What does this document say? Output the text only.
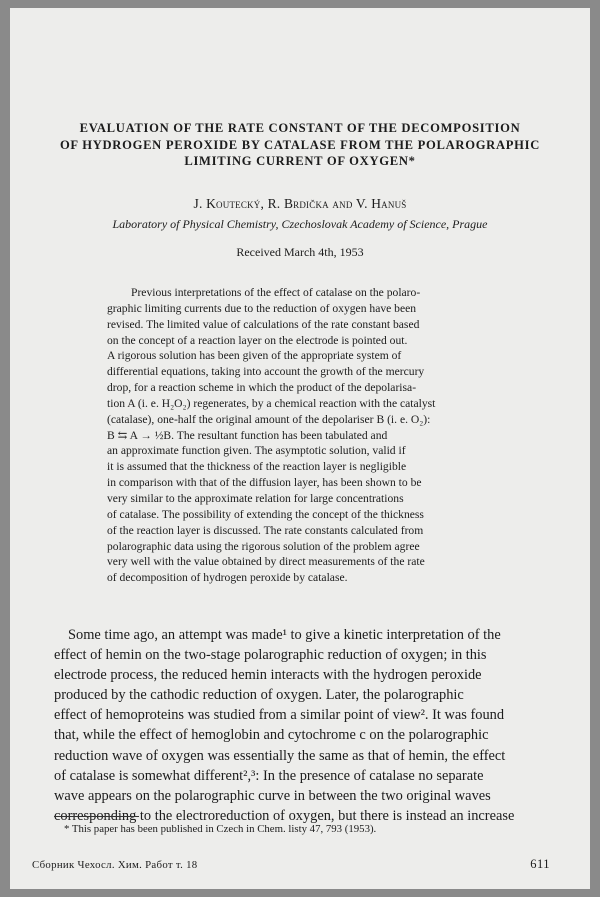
EVALUATION OF THE RATE CONSTANT OF THE DECOMPOSITION
OF HYDROGEN PEROXIDE BY CATALASE FROM THE POLAROGRAPHIC
LIMITING CURRENT OF OXYGEN*
J. Koutecký, R. Brdička and V. Hanuš
Laboratory of Physical Chemistry, Czechoslovak Academy of Science, Prague
Received March 4th, 1953
Previous interpretations of the effect of catalase on the polaro-
graphic limiting currents due to the reduction of oxygen have been
revised. The limited value of calculations of the rate constant based
on the concept of a reaction layer on the electrode is pointed out.
A rigorous solution has been given of the appropriate system of
differential equations, taking into account the growth of the mercury
drop, for a reaction scheme in which the product of the depolarisa-
tion A (i. e. H₂O₂) regenerates, by a chemical reaction with the catalyst
(catalase), one-half the original amount of the depolariser B (i. e. O₂):
B ⇆ A → ½B. The resultant function has been tabulated and
an approximate function given. The asymptotic solution, valid if
it is assumed that the thickness of the reaction layer is negligible
in comparison with that of the diffusion layer, has been shown to be
very similar to the approximate relation for large concentrations
of catalase. The possibility of extending the concept of the thickness
of the reaction layer is discussed. The rate constants calculated from
polarographic data using the rigorous solution of the problem agree
very well with the value obtained by direct measurements of the rate
of decomposition of hydrogen peroxide by catalase.
Some time ago, an attempt was made¹ to give a kinetic interpretation of the
effect of hemin on the two-stage polarographic reduction of oxygen; in this
electrode process, the reduced hemin interacts with the hydrogen peroxide
produced by the cathodic reduction of oxygen. Later, the polarographic
effect of hemoproteins was studied from a similar point of view². It was found
that, while the effect of hemoglobin and cytochrome c on the polarographic
reduction wave of oxygen was essentially the same as that of hemin, the effect
of catalase is somewhat different²,³: In the presence of catalase no separate
wave appears on the polarographic curve in between the two original waves
corresponding to the electroreduction of oxygen, but there is instead an increase
* This paper has been published in Czech in Chem. listy 47, 793 (1953).
Сборник Чехосл. Хим. Работ т. 18	611
